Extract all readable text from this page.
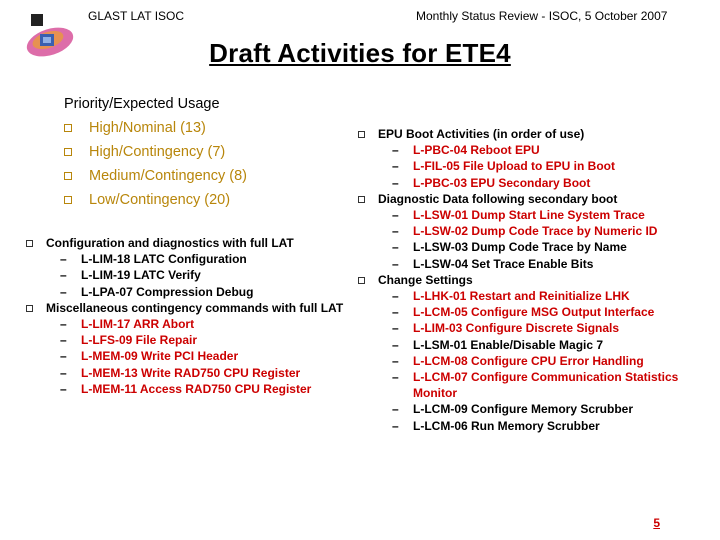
GLAST LAT ISOC	Monthly Status Review - ISOC, 5 October 2007
Draft Activities for ETE4
Priority/Expected Usage
High/Nominal (13)
High/Contingency (7)
Medium/Contingency (8)
Low/Contingency (20)
Configuration and diagnostics with full LAT
– L-LIM-18 LATC Configuration
– L-LIM-19 LATC Verify
– L-LPA-07 Compression Debug
Miscellaneous contingency commands with full LAT
– L-LIM-17 ARR Abort
– L-LFS-09 File Repair
– L-MEM-09 Write PCI Header
– L-MEM-13 Write RAD750 CPU Register
– L-MEM-11 Access RAD750 CPU Register
EPU Boot Activities (in order of use)
– L-PBC-04 Reboot EPU
– L-FIL-05 File Upload to EPU in Boot
– L-PBC-03 EPU Secondary Boot
Diagnostic Data following secondary boot
– L-LSW-01 Dump Start Line System Trace
– L-LSW-02 Dump Code Trace by Numeric ID
– L-LSW-03 Dump Code Trace by Name
– L-LSW-04 Set Trace Enable Bits
Change Settings
– L-LHK-01 Restart and Reinitialize LHK
– L-LCM-05 Configure MSG Output Interface
– L-LIM-03 Configure Discrete Signals
– L-LSM-01 Enable/Disable Magic 7
– L-LCM-08 Configure CPU Error Handling
– L-LCM-07 Configure Communication Statistics Monitor
– L-LCM-09 Configure Memory Scrubber
– L-LCM-06 Run Memory Scrubber
5
